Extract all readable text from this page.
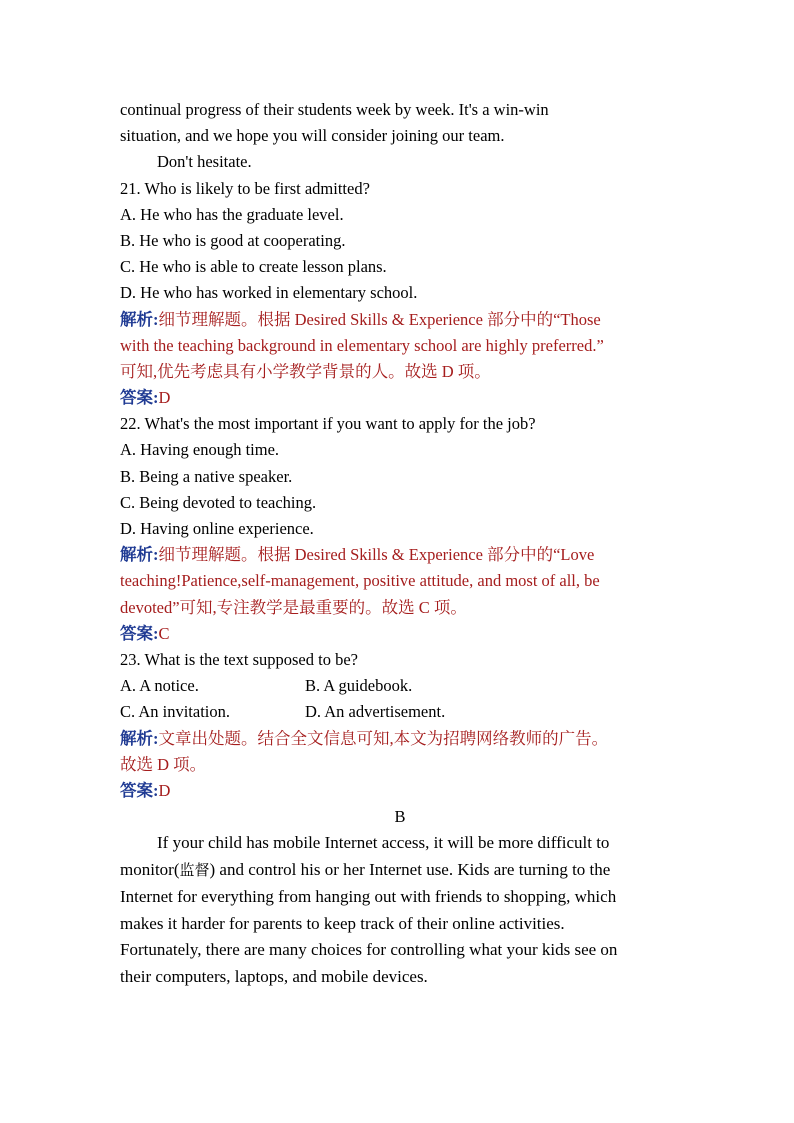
continual progress of their students week by week. It's a win-win
situation, and we hope you will consider joining our team.
Don't hesitate.
21. Who is likely to be first admitted?
A. He who has the graduate level.
B. He who is good at cooperating.
C. He who is able to create lesson plans.
D. He who has worked in elementary school.
解析:细节理解题。根据 Desired Skills & Experience 部分中的“Those
with the teaching background in elementary school are highly preferred.”
可知,优先考虑具有小学教学背景的人。故选 D 项。
答案:D
22. What's the most important if you want to apply for the job?
A. Having enough time.
B. Being a native speaker.
C. Being devoted to teaching.
D. Having online experience.
解析:细节理解题。根据 Desired Skills & Experience 部分中的“Love
teaching!Patience,self-management, positive attitude, and most of all, be
devoted”可知,专注教学是最重要的。故选 C 项。
答案:C
23. What is the text supposed to be?
A. A notice.	B. A guidebook.
C. An invitation.	D. An advertisement.
解析:文章出处题。结合全文信息可知,本文为招聘网络教师的广告。
故选 D 项。
答案:D
B
If your child has mobile Internet access, it will be more difficult to
monitor(监督) and control his or her Internet use. Kids are turning to the
Internet for everything from hanging out with friends to shopping, which
makes it harder for parents to keep track of their online activities.
Fortunately, there are many choices for controlling what your kids see on
their computers, laptops, and mobile devices.
